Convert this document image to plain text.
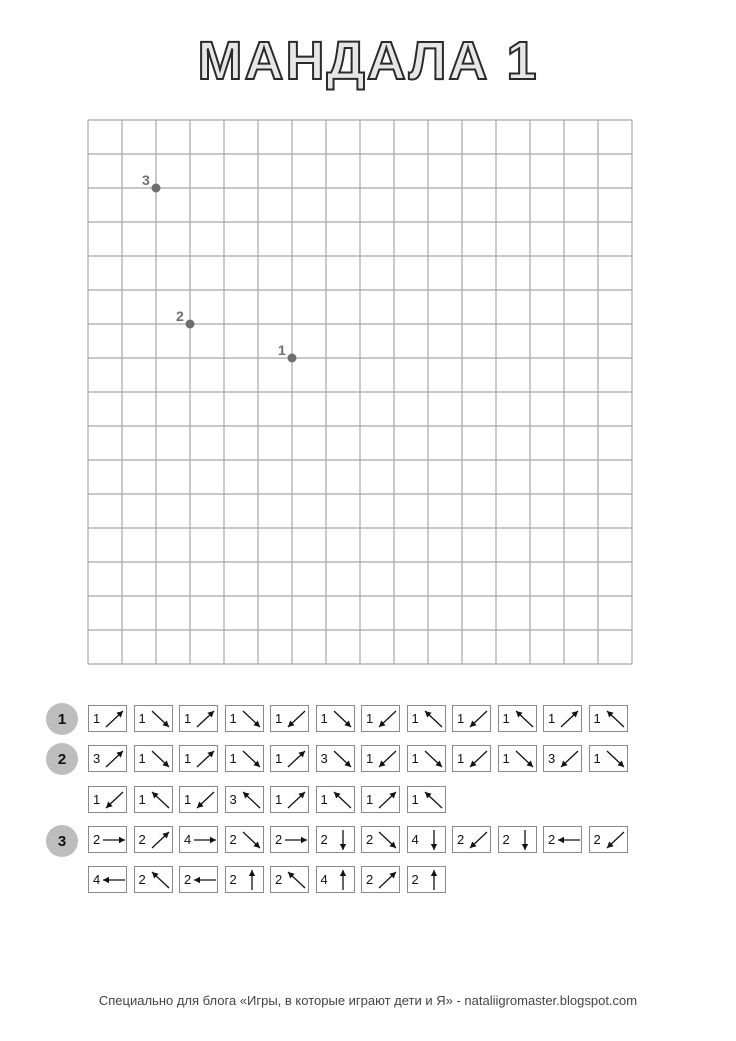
МАНДАЛА 1
1
2
3
1	1	1	1	1	1	1	1	1	1	1	1	1
2	3	1	1	1	1	3	1	1	1	1	3	1
1	1	1	3	1	1	1	1
3	2	2	4	2	2	2	2	4	2	2	2	2
4	2	2	2	2	4	2	2
Специально для блога «Игры, в которые играют дети и Я» - nataliigromaster.blogspot.com
